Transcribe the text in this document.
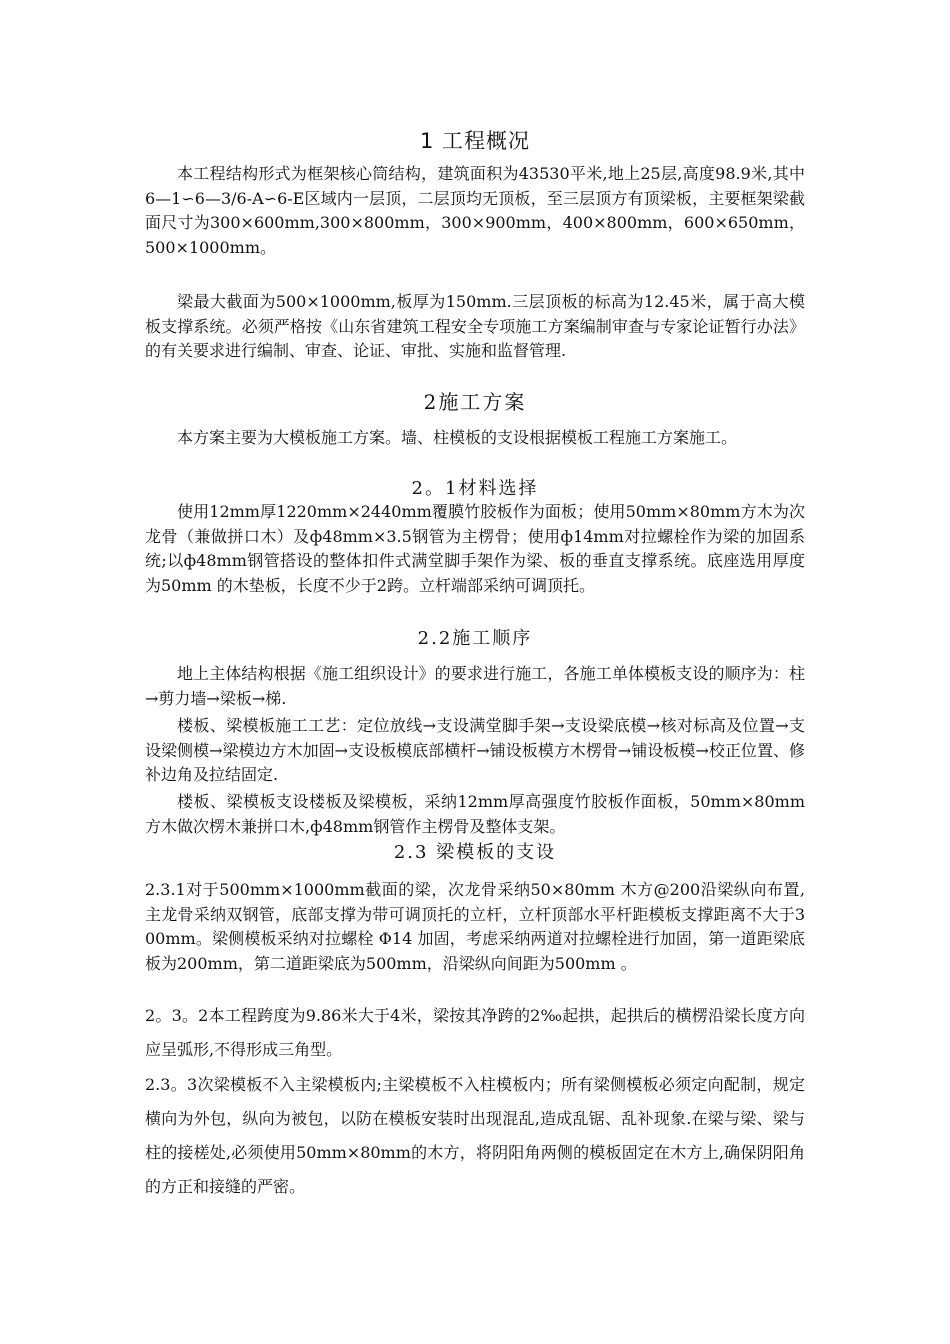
1 工程概况
本工程结构形式为框架核心筒结构，建筑面积为43530平米,地上25层,高度98.9米,其中6—1∽6—3/6-A∽6-E区域内一层顶，二层顶均无顶板，至三层顶方有顶梁板，主要框架梁截面尺寸为300×600mm,300×800mm，300×900mm，400×800mm，600×650mm，500×1000mm。
梁最大截面为500×1000mm,板厚为150mm.三层顶板的标高为12.45米，属于高大模板支撑系统。必须严格按《山东省建筑工程安全专项施工方案编制审查与专家论证暂行办法》的有关要求进行编制、审查、论证、审批、实施和监督管理.
2施工方案
本方案主要为大模板施工方案。墙、柱模板的支设根据模板工程施工方案施工。
2。1材料选择
使用12mm厚1220mm×2440mm覆膜竹胶板作为面板；使用50mm×80mm方木为次龙骨（兼做拼口木）及ф48mm×3.5钢管为主楞骨；使用ф14mm对拉螺栓作为梁的加固系统;以ф48mm钢管搭设的整体扣件式满堂脚手架作为梁、板的垂直支撑系统。底座选用厚度为50mm 的木垫板，长度不少于2跨。立杆端部采纳可调顶托。
2.2施工顺序
地上主体结构根据《施工组织设计》的要求进行施工，各施工单体模板支设的顺序为：柱→剪力墙→梁板→梯.
楼板、梁模板施工工艺：定位放线→支设满堂脚手架→支设梁底模→核对标高及位置→支设梁侧模→梁模边方木加固→支设板模底部横杆→铺设板模方木楞骨→铺设板模→校正位置、修补边角及拉结固定.
楼板、梁模板支设楼板及梁模板，采纳12mm厚高强度竹胶板作面板，50mm×80mm方木做次楞木兼拼口木,ф48mm钢管作主楞骨及整体支架。
2.3 梁模板的支设
2.3.1对于500mm×1000mm截面的梁，次龙骨采纳50×80mm 木方@200沿梁纵向布置,主龙骨采纳双钢管，底部支撑为带可调顶托的立杆，立杆顶部水平杆距模板支撑距离不大于300mm。梁侧模板采纳对拉螺栓 Φ14 加固，考虑采纳两道对拉螺栓进行加固，第一道距梁底板为200mm，第二道距梁底为500mm，沿梁纵向间距为500mm 。
2。3。2本工程跨度为9.86米大于4米，梁按其净跨的2‰起拱，起拱后的横楞沿梁长度方向应呈弧形,不得形成三角型。
2.3。3次梁模板不入主梁模板内;主梁模板不入柱模板内；所有梁侧模板必须定向配制，规定横向为外包，纵向为被包，以防在模板安装时出现混乱,造成乱锯、乱补现象.在梁与梁、梁与柱的接槎处,必须使用50mm×80mm的木方，将阴阳角两侧的模板固定在木方上,确保阴阳角的方正和接缝的严密。
